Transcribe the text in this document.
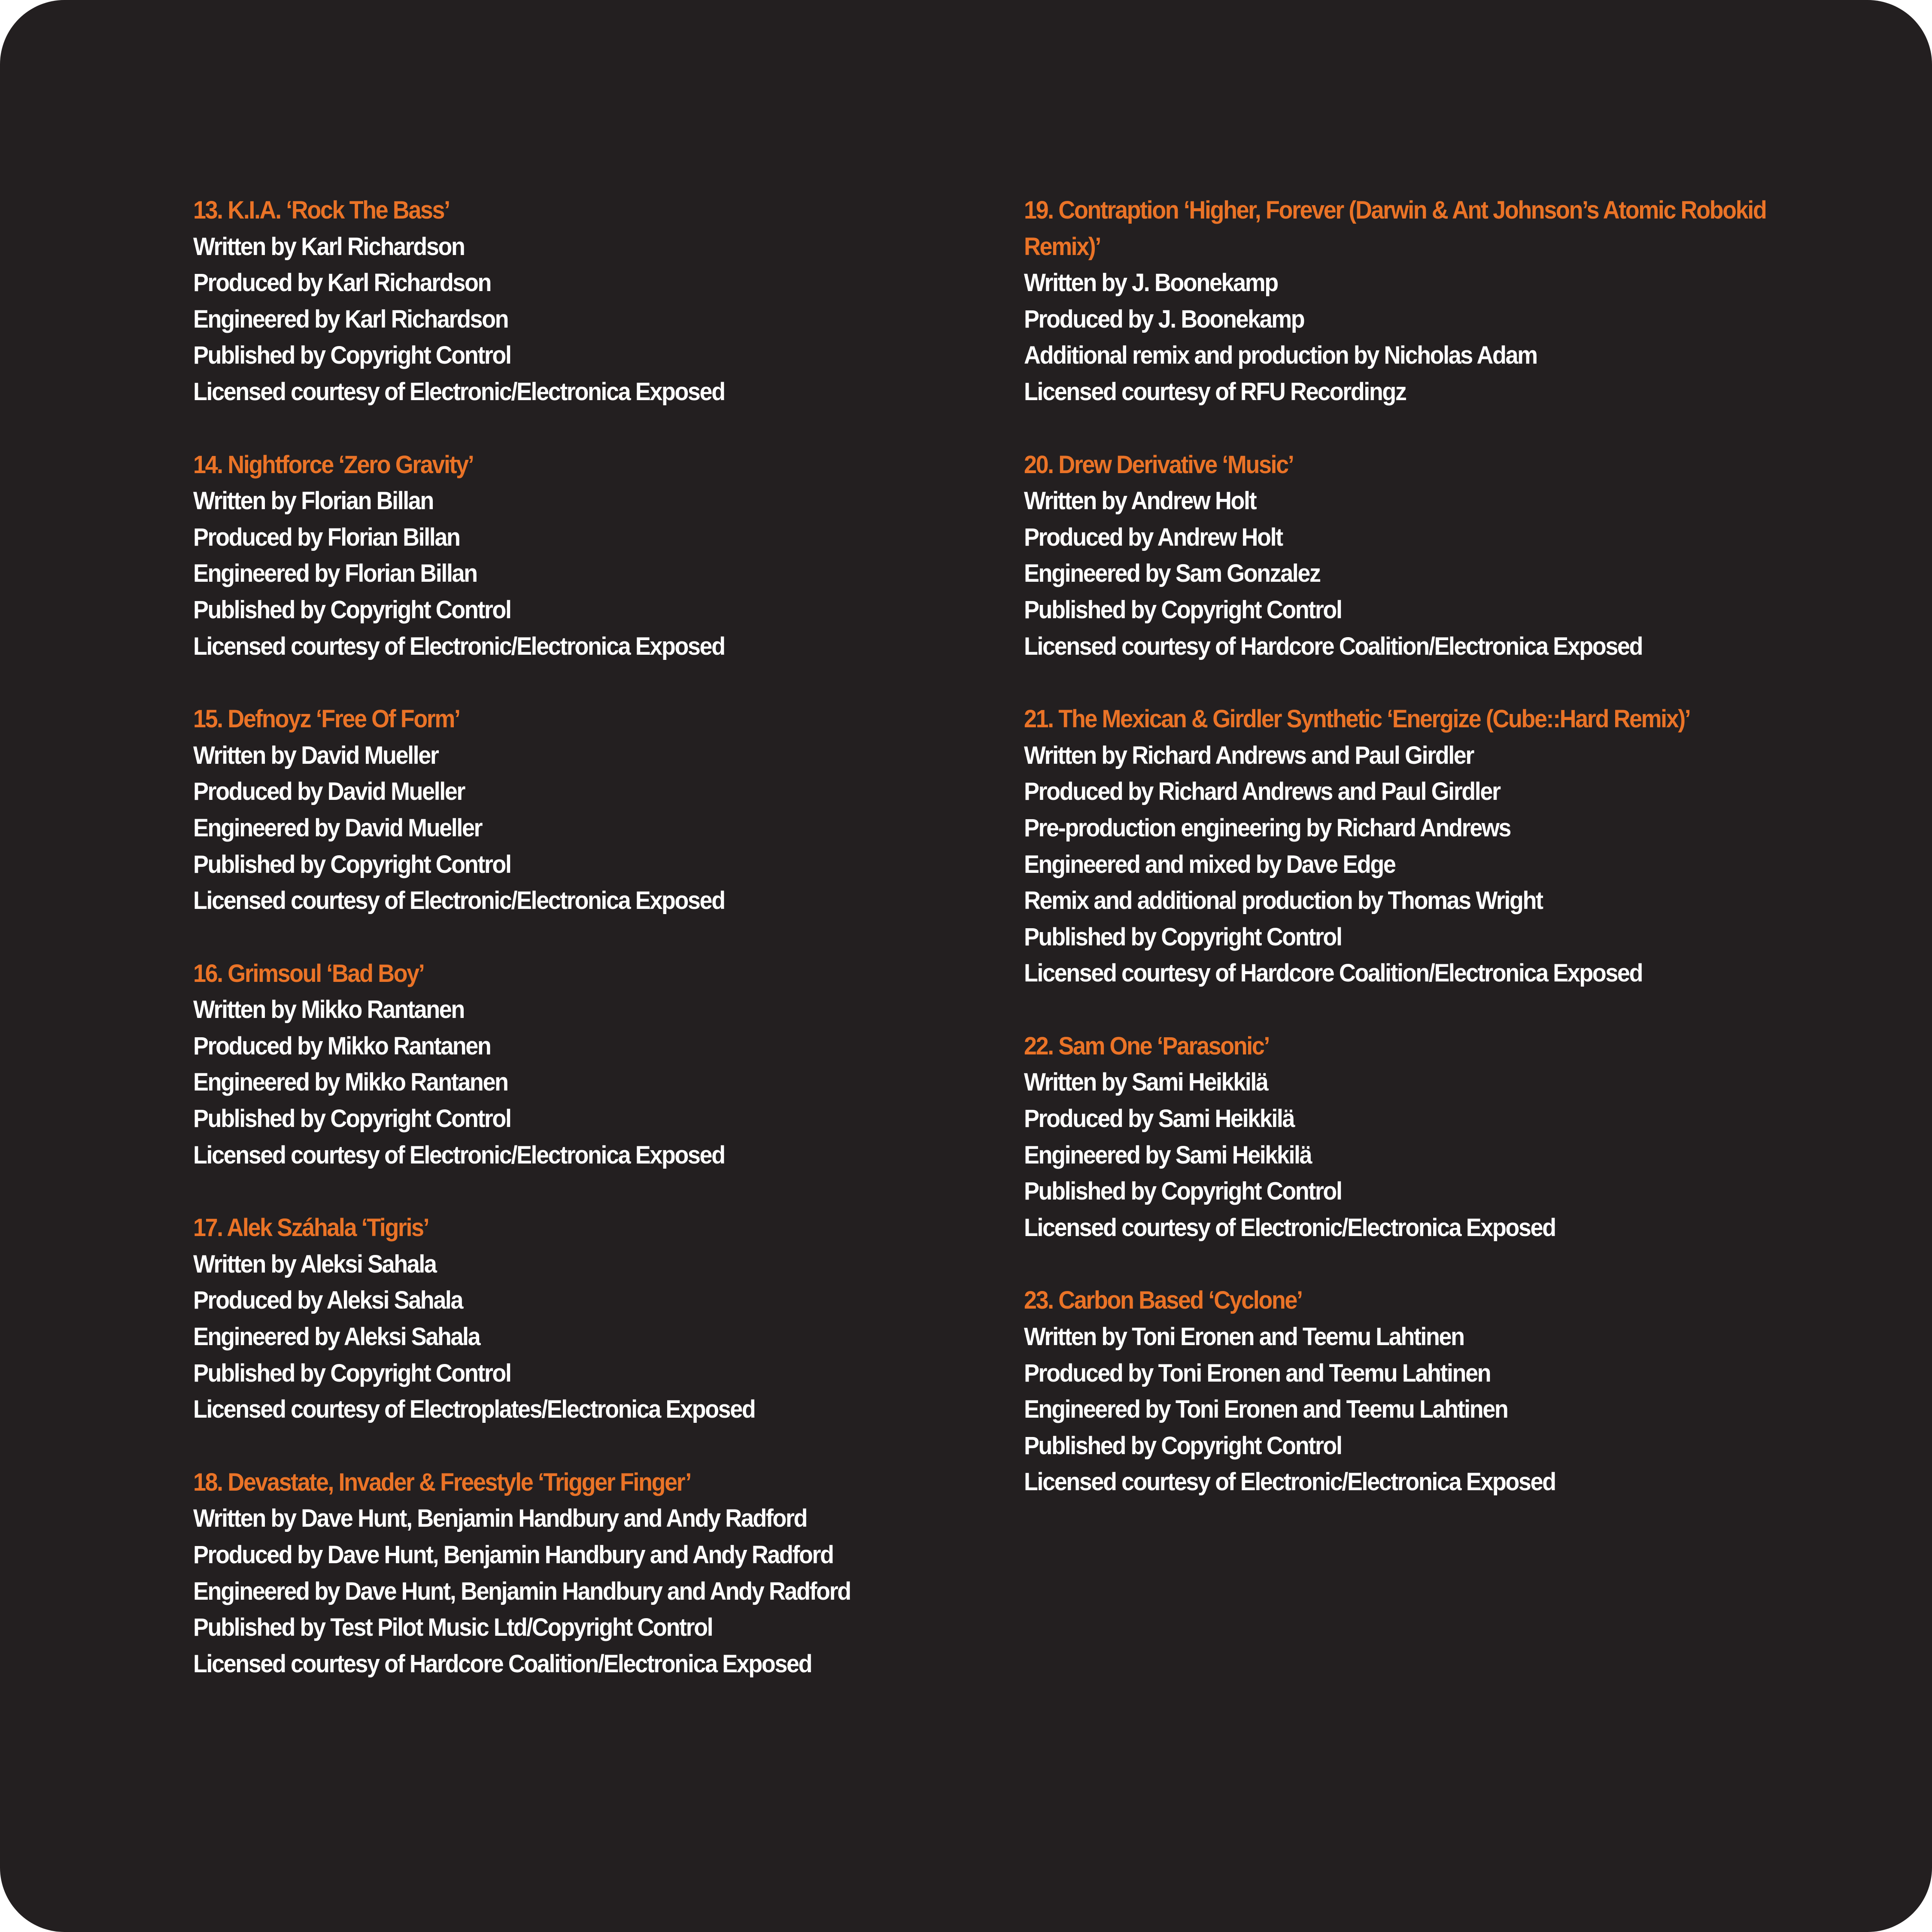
13. K.I.A. ‘Rock The Bass’

Written by Karl Richardson

Produced by Karl Richardson

Engineered by Karl Richardson

Published by Copyright Control

Licensed courtesy of Electronic/Electronica Exposed

14. Nightforce ‘Zero Gravity’

Written by Florian Billan

Produced by Florian Billan

Engineered by Florian Billan

Published by Copyright Control

Licensed courtesy of Electronic/Electronica Exposed

15. Defnoyz ‘Free Of Form’

Written by David Mueller

Produced by David Mueller

Engineered by David Mueller

Published by Copyright Control

Licensed courtesy of Electronic/Electronica Exposed

16. Grimsoul ‘Bad Boy’

Written by Mikko Rantanen

Produced by Mikko Rantanen

Engineered by Mikko Rantanen

Published by Copyright Control

Licensed courtesy of Electronic/Electronica Exposed

17. Alek Száhala ‘Tigris’

Written by Aleksi Sahala

Produced by Aleksi Sahala

Engineered by Aleksi Sahala

Published by Copyright Control

Licensed courtesy of Electroplates/Electronica Exposed

18. Devastate, Invader & Freestyle ‘Trigger Finger’

Written by Dave Hunt, Benjamin Handbury and Andy Radford

Produced by Dave Hunt, Benjamin Handbury and Andy Radford

Engineered by Dave Hunt, Benjamin Handbury and Andy Radford

Published by Test Pilot Music Ltd/Copyright Control

Licensed courtesy of Hardcore Coalition/Electronica Exposed

19. Contraption ‘Higher, Forever (Darwin & Ant Johnson’s Atomic Robokid Remix)’

Written by J. Boonekamp

Produced by J. Boonekamp

Additional remix and production by Nicholas Adam

Licensed courtesy of RFU Recordingz

20. Drew Derivative ‘Music’

Written by Andrew Holt

Produced by Andrew Holt

Engineered by Sam Gonzalez

Published by Copyright Control

Licensed courtesy of Hardcore Coalition/Electronica Exposed

21. The Mexican & Girdler Synthetic ‘Energize (Cube::Hard Remix)’

Written by Richard Andrews and Paul Girdler

Produced by Richard Andrews and Paul Girdler

Pre-production engineering by Richard Andrews

Engineered and mixed by Dave Edge

Remix and additional production by Thomas Wright

Published by Copyright Control

Licensed courtesy of Hardcore Coalition/Electronica Exposed

22. Sam One ‘Parasonic’

Written by Sami Heikkilä

Produced by Sami Heikkilä

Engineered by Sami Heikkilä

Published by Copyright Control

Licensed courtesy of Electronic/Electronica Exposed

23. Carbon Based ‘Cyclone’

Written by Toni Eronen and Teemu Lahtinen

Produced by Toni Eronen and Teemu Lahtinen

Engineered by Toni Eronen and Teemu Lahtinen

Published by Copyright Control

Licensed courtesy of Electronic/Electronica Exposed
